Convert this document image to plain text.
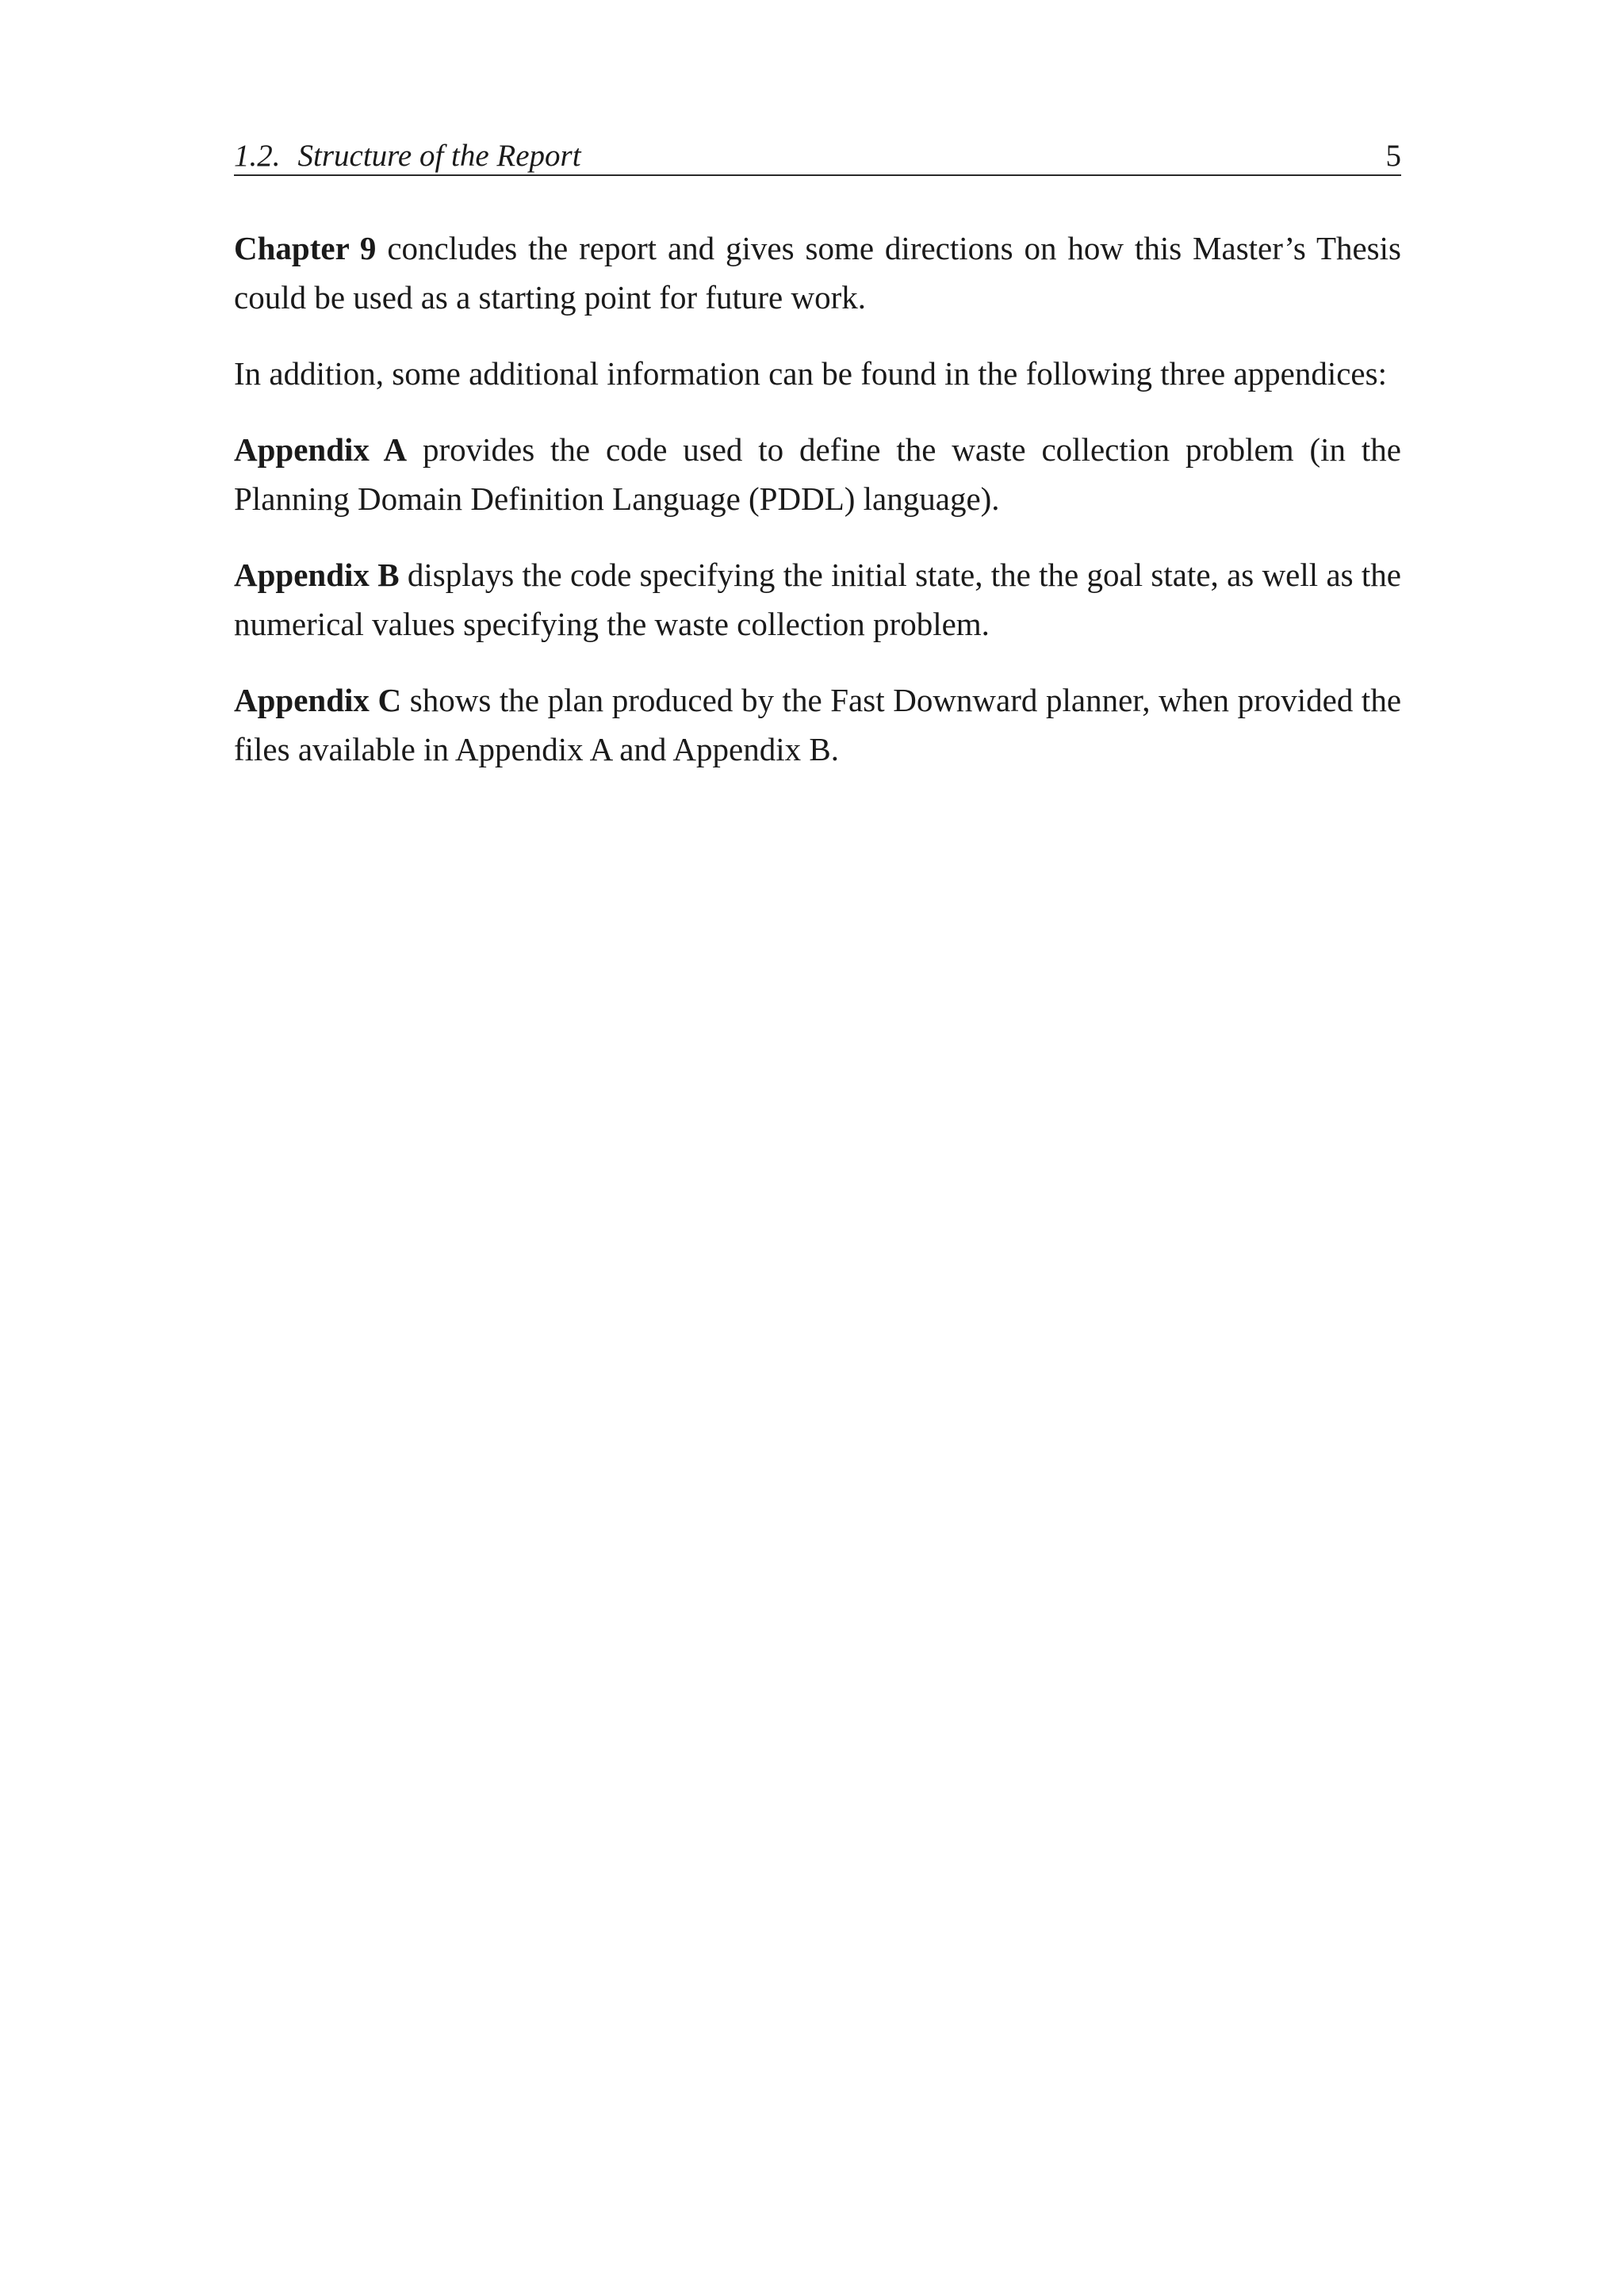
1.2. Structure of the Report	5

Chapter 9 concludes the report and gives some directions on how this Master’s Thesis could be used as a starting point for future work.

In addition, some additional information can be found in the following three appendices:

Appendix A provides the code used to define the waste collection problem (in the Planning Domain Definition Language (PDDL) language).

Appendix B displays the code specifying the initial state, the the goal state, as well as the numerical values specifying the waste collection problem.

Appendix C shows the plan produced by the Fast Downward planner, when provided the files available in Appendix A and Appendix B.
